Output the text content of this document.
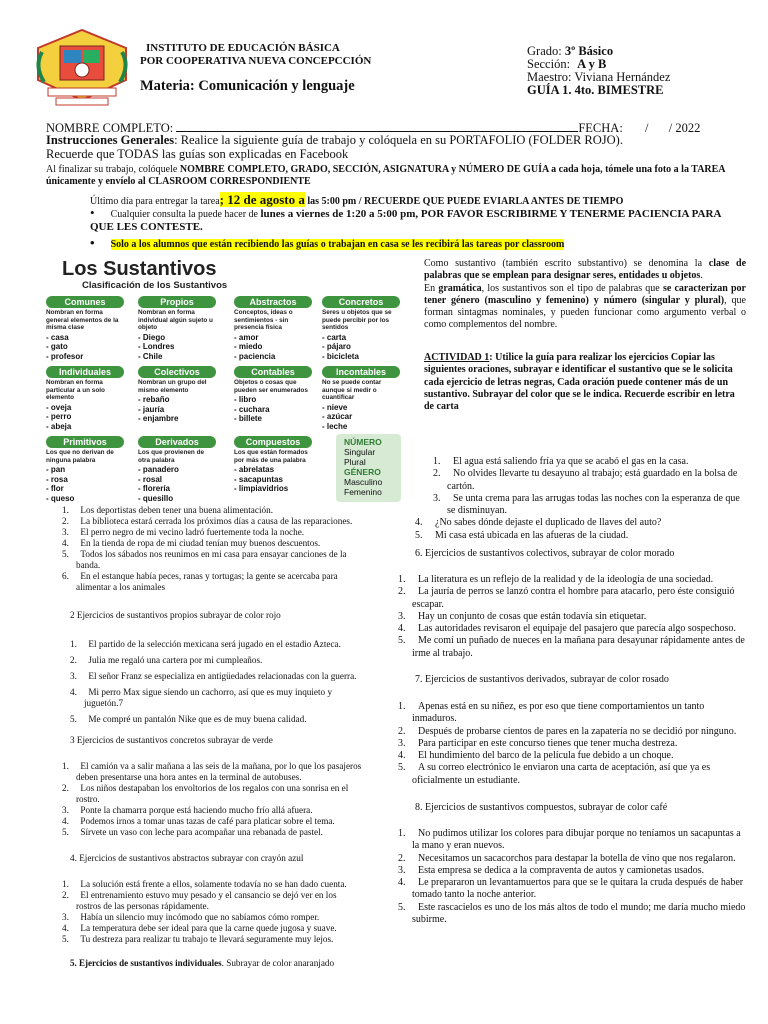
INSTITUTO DE EDUCACIÓN BÁSICA
POR COOPERATIVA NUEVA CONCEPCCIÓN
Materia: Comunicación y lenguaje
Grado: 3º Básico
Sección: A y B
Maestro: Viviana Hernández
GUÍA 1. 4to. BIMESTRE
NOMBRE COMPLETO:	FECHA: / / 2022
Instrucciones Generales: Realice la siguiente guía de trabajo y colóquela en su PORTAFOLIO (FOLDER ROJO).
Recuerde que TODAS las guías son explicadas en Facebook
Al finalizar su trabajo, colóquele NOMBRE COMPLETO, GRADO, SECCIÓN, ASIGNATURA y NÚMERO DE GUÍA a cada hoja, tómele una foto a la TAREA únicamente y envíelo al CLASROOM CORRESPONDIENTE
Último día para entregar la tarea; 12 de agosto a las 5:00 pm / RECUERDE QUE PUEDE EVIARLA ANTES DE TIEMPO
• Cualquier consulta la puede hacer de lunes a viernes de 1:20 a 5:00 pm, POR FAVOR ESCRIBIRME Y TENERME PACIENCIA PARA QUE LES CONTESTE.
• Solo a los alumnos que están recibiendo las guías o trabajan en casa se les recibirá las tareas por classroom
Los Sustantivos
Clasificación de los Sustantivos
Comunes
Nombran en forma general elementos de la misma clase
- casa
- gato
- profesor
Propios
Nombran en forma individual algún sujeto u objeto
- Diego
- Londres
- Chile
Abstractos
Conceptos, ideas o sentimientos - sin presencia física
- amor
- miedo
- paciencia
Concretos
Seres u objetos que se puede percibir por los sentidos
- carta
- pájaro
- bicicleta
Individuales
Nombran en forma particular a un solo elemento
- oveja
- perro
- abeja
Colectivos
Nombran un grupo del mismo elemento
- rebaño
- jauría
- enjambre
Contables
Objetos o cosas que pueden ser enumerados
- libro
- cuchara
- billete
Incontables
No se puede contar aunque si medir o cuantificar
- nieve
- azúcar
- leche
Primitivos
Los que no derivan de ninguna palabra
- pan
- rosa
- flor
- queso
Derivados
Los que provienen de otra palabra
- panadero
- rosal
- florería
- quesillo
Compuestos
Los que están formados por más de una palabra
- abrelatas
- sacapuntas
- limpiavidrios
NÚMERO
Singular
Plural
GÉNERO
Masculino
Femenino

1.     Los deportistas deben tener una buena alimentación.

2.     La biblioteca estará cerrada los próximos días a causa de las reparaciones.

3.     El perro negro de mi vecino ladró fuertemente toda la noche.

4.     En la tienda de ropa de mi ciudad tenían muy buenos descuentos.

5.     Todos los sábados nos reunimos en mi casa para ensayar canciones de la banda.

6.     En el estanque había peces, ranas y tortugas; la gente se acercaba para alimentar a los animales

2 Ejercicios de sustantivos propios subrayar de color rojo

1.     El partido de la selección mexicana será jugado en el estadio Azteca.

2.     Julia me regaló una cartera por mi cumpleaños.

3.     El señor Franz se especializa en antigüedades relacionadas con la guerra.

4.     Mi perro Max sigue siendo un cachorro, así que es muy inquieto y juguetón.7

5.     Me compré un pantalón Nike que es de muy buena calidad.

3 Ejercicios de sustantivos concretos subrayar de verde

1.     El camión va a salir mañana a las seis de la mañana, por lo que los pasajeros deben presentarse una hora antes en la terminal de autobuses.

2.     Los niños destapaban los envoltorios de los regalos con una sonrisa en el rostro.

3.     Ponte la chamarra porque está haciendo mucho frío allá afuera.

4.     Podemos irnos a tomar unas tazas de café para platicar sobre el tema.

5.     Sírvete un vaso con leche para acompañar una rebanada de pastel.

4. Ejercicios de sustantivos abstractos subrayar con crayón azul

1.     La solución está frente a ellos, solamente todavía no se han dado cuenta.

2.     El entrenamiento estuvo muy pesado y el cansancio se dejó ver en los rostros de las personas rápidamente.

3.     Había un silencio muy incómodo que no sabíamos cómo romper.

4.     La temperatura debe ser ideal para que la carne quede jugosa y suave.

5.     Tu destreza para realizar tu trabajo te llevará seguramente muy lejos.

5. Ejercicios de sustantivos individuales. Subrayar de color anaranjado

Como sustantivo (también escrito substantivo) se denomina la clase de palabras que se emplean para designar seres, entidades u objetos.

En gramática, los sustantivos son el tipo de palabras que se caracterizan por tener género (masculino y femenino) y número (singular y plural), que forman sintagmas nominales, y pueden funcionar como argumento verbal o como complementos del nombre.

ACTIVIDAD 1: Utilice la guía para realizar los ejercicios Copiar las siguientes oraciones, subrayar e identificar el sustantivo que se le solicita cada ejercicio de letras negras, Cada oración puede contener más de un sustantivo. Subrayar del color que se le indica. Recuerde escribir en letra de carta

1.     El agua está saliendo fría ya que se acabó el gas en la casa.

2.     No olvides llevarte tu desayuno al trabajo; está guardado en la bolsa de cartón.

3.     Se unta crema para las arrugas todas las noches con la esperanza de que se disminuyan.

4.     ¿No sabes dónde dejaste el duplicado de llaves del auto?

5.     Mi casa está ubicada en las afueras de la ciudad.

6. Ejercicios de sustantivos colectivos, subrayar de color morado

1.     La literatura es un reflejo de la realidad y de la ideología de una sociedad.

2.     La jauría de perros se lanzó contra el hombre para atacarlo, pero éste consiguió escapar.

3.     Hay un conjunto de cosas que están todavía sin etiquetar.

4.     Las autoridades revisaron el equipaje del pasajero que parecía algo sospechoso.

5.     Me comí un puñado de nueces en la mañana para desayunar rápidamente antes de irme al trabajo.

7. Ejercicios de sustantivos derivados, subrayar de color rosado

1.     Apenas está en su niñez, es por eso que tiene comportamientos un tanto inmaduros.

2.     Después de probarse cientos de pares en la zapatería no se decidió por ninguno.

3.     Para participar en este concurso tienes que tener mucha destreza.

4.     El hundimiento del barco de la película fue debido a un choque.

5.     A su correo electrónico le enviaron una carta de aceptación, así que ya es oficialmente un estudiante.

8. Ejercicios de sustantivos compuestos, subrayar de color café

1.     No pudimos utilizar los colores para dibujar porque no teníamos un sacapuntas a la mano y eran nuevos.

2.     Necesitamos un sacacorchos para destapar la botella de vino que nos regalaron.

3.     Esta empresa se dedica a la compraventa de autos y camionetas usados.

4.     Le prepararon un levantamuertos para que se le quitara la cruda después de haber tomado tanto la noche anterior.

5.     Este rascacielos es uno de los más altos de todo el mundo; me daría mucho miedo subirme.
